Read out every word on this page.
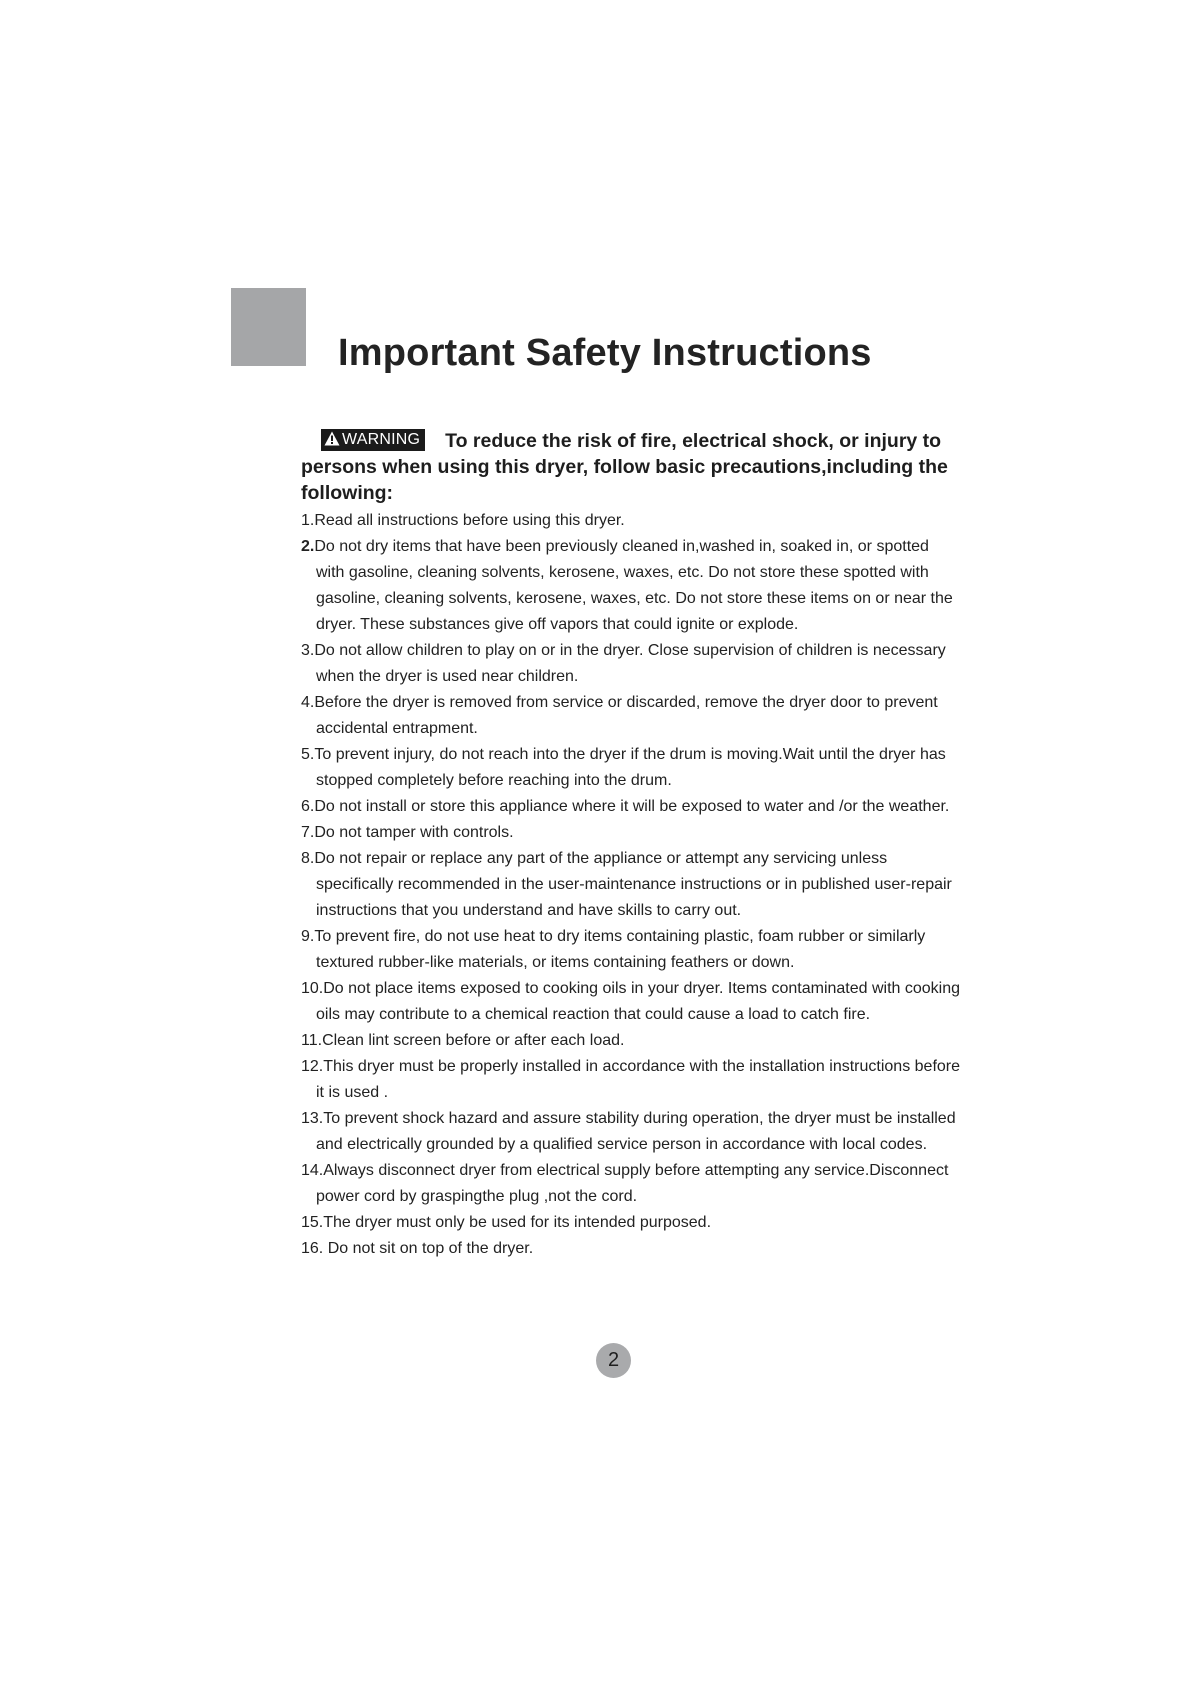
Important Safety Instructions

WARNING To reduce the risk of fire, electrical shock, or injury to
persons when using this dryer, follow basic precautions,including the following:

1.Read all instructions before using this dryer.
2.Do not dry items that have been previously cleaned in,washed in, soaked in, or spotted with gasoline, cleaning solvents, kerosene, waxes, etc. Do not store these spotted with gasoline, cleaning solvents, kerosene, waxes, etc. Do not store these items on or near the dryer. These substances give off vapors that could ignite or explode.
3.Do not allow children to play on or in the dryer. Close supervision of children is necessary when the dryer is used near children.
4.Before the dryer is removed from service or discarded, remove the dryer door to prevent accidental entrapment.
5.To prevent injury, do not reach into the dryer if the drum is moving.Wait until the dryer has stopped completely before reaching into the drum.
6.Do not install or store this appliance where it will be exposed to water and /or the weather.
7.Do not tamper with controls.
8.Do not repair or replace any part of the appliance or attempt any servicing unless specifically recommended in the user-maintenance instructions or in published user-repair instructions that you understand and have skills to carry out.
9.To prevent fire, do not use heat to dry items containing plastic, foam rubber or similarly textured rubber-like materials, or items containing feathers or down.
10.Do not place items exposed to cooking oils in your dryer. Items contaminated with cooking oils may contribute to a chemical reaction that could cause a load to catch fire.
11.Clean lint screen before or after each load.
12.This dryer must be properly installed in accordance with the installation instructions before it is used .
13.To prevent shock hazard and assure stability during operation, the dryer must be installed and electrically grounded by a qualified service person in accordance with local codes.
14.Always disconnect dryer from electrical supply before attempting any service.Disconnect power cord by graspingthe plug ,not the cord.
15.The dryer must only be used for its intended purposed.
16. Do not sit on top of the dryer.
2
